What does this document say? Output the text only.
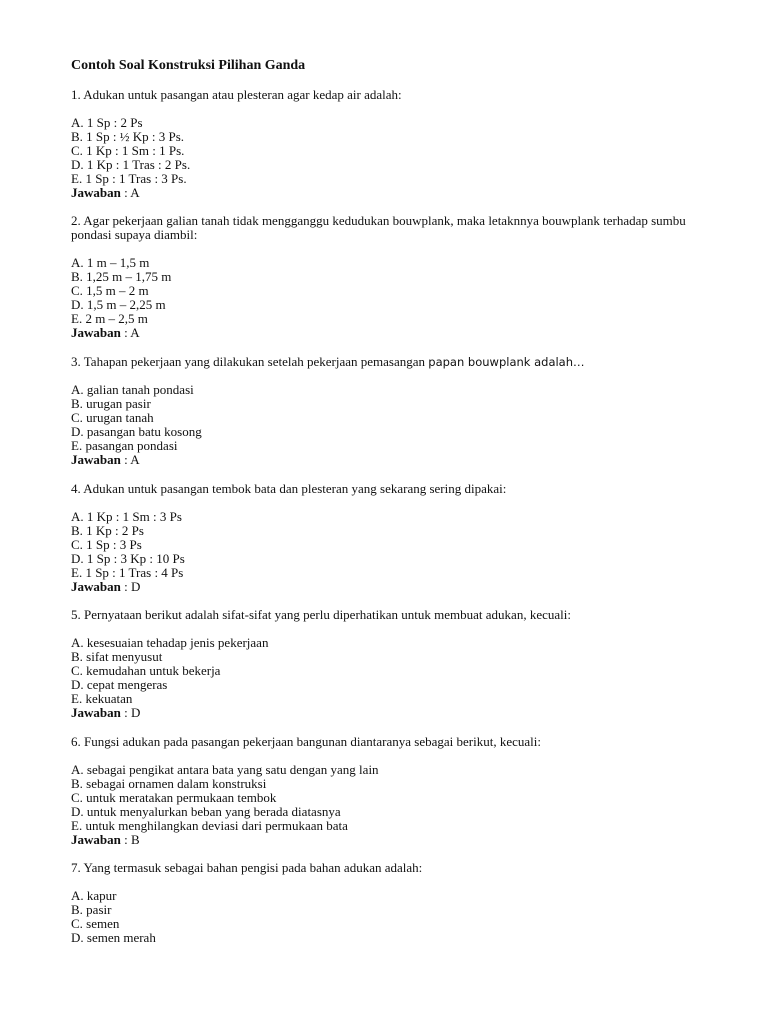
Contoh Soal Konstruksi Pilihan Ganda

1. Adukan untuk pasangan atau plesteran agar kedap air adalah:

A. 1 Sp : 2 Ps
B. 1 Sp : ½ Kp : 3 Ps.
C. 1 Kp : 1 Sm : 1 Ps.
D. 1 Kp : 1 Tras : 2 Ps.
E. 1 Sp : 1 Tras : 3 Ps.
Jawaban : A

2. Agar pekerjaan galian tanah tidak mengganggu kedudukan bouwplank, maka letaknnya bouwplank terhadap sumbu pondasi supaya diambil:

A. 1 m – 1,5 m
B. 1,25 m – 1,75 m
C. 1,5 m – 2 m
D. 1,5 m – 2,25 m
E. 2 m – 2,5 m
Jawaban : A

3. Tahapan pekerjaan yang dilakukan setelah pekerjaan pemasangan papan bouwplank adalah…

A. galian tanah pondasi
B. urugan pasir
C. urugan tanah
D. pasangan batu kosong
E. pasangan pondasi
Jawaban : A

4. Adukan untuk pasangan tembok bata dan plesteran yang sekarang sering dipakai:

A. 1 Kp : 1 Sm : 3 Ps
B. 1 Kp : 2 Ps
C. 1 Sp : 3 Ps
D. 1 Sp : 3 Kp : 10 Ps
E. 1 Sp : 1 Tras : 4 Ps
Jawaban : D

5. Pernyataan berikut adalah sifat-sifat yang perlu diperhatikan untuk membuat adukan, kecuali:

A. kesesuaian tehadap jenis pekerjaan
B. sifat menyusut
C. kemudahan untuk bekerja
D. cepat mengeras
E. kekuatan
Jawaban : D

6. Fungsi adukan pada pasangan pekerjaan bangunan diantaranya sebagai berikut, kecuali:

A. sebagai pengikat antara bata yang satu dengan yang lain
B. sebagai ornamen dalam konstruksi
C. untuk meratakan permukaan tembok
D. untuk menyalurkan beban yang berada diatasnya
E. untuk menghilangkan deviasi dari permukaan bata
Jawaban : B

7. Yang termasuk sebagai bahan pengisi pada bahan adukan adalah:

A. kapur
B. pasir
C. semen
D. semen merah
